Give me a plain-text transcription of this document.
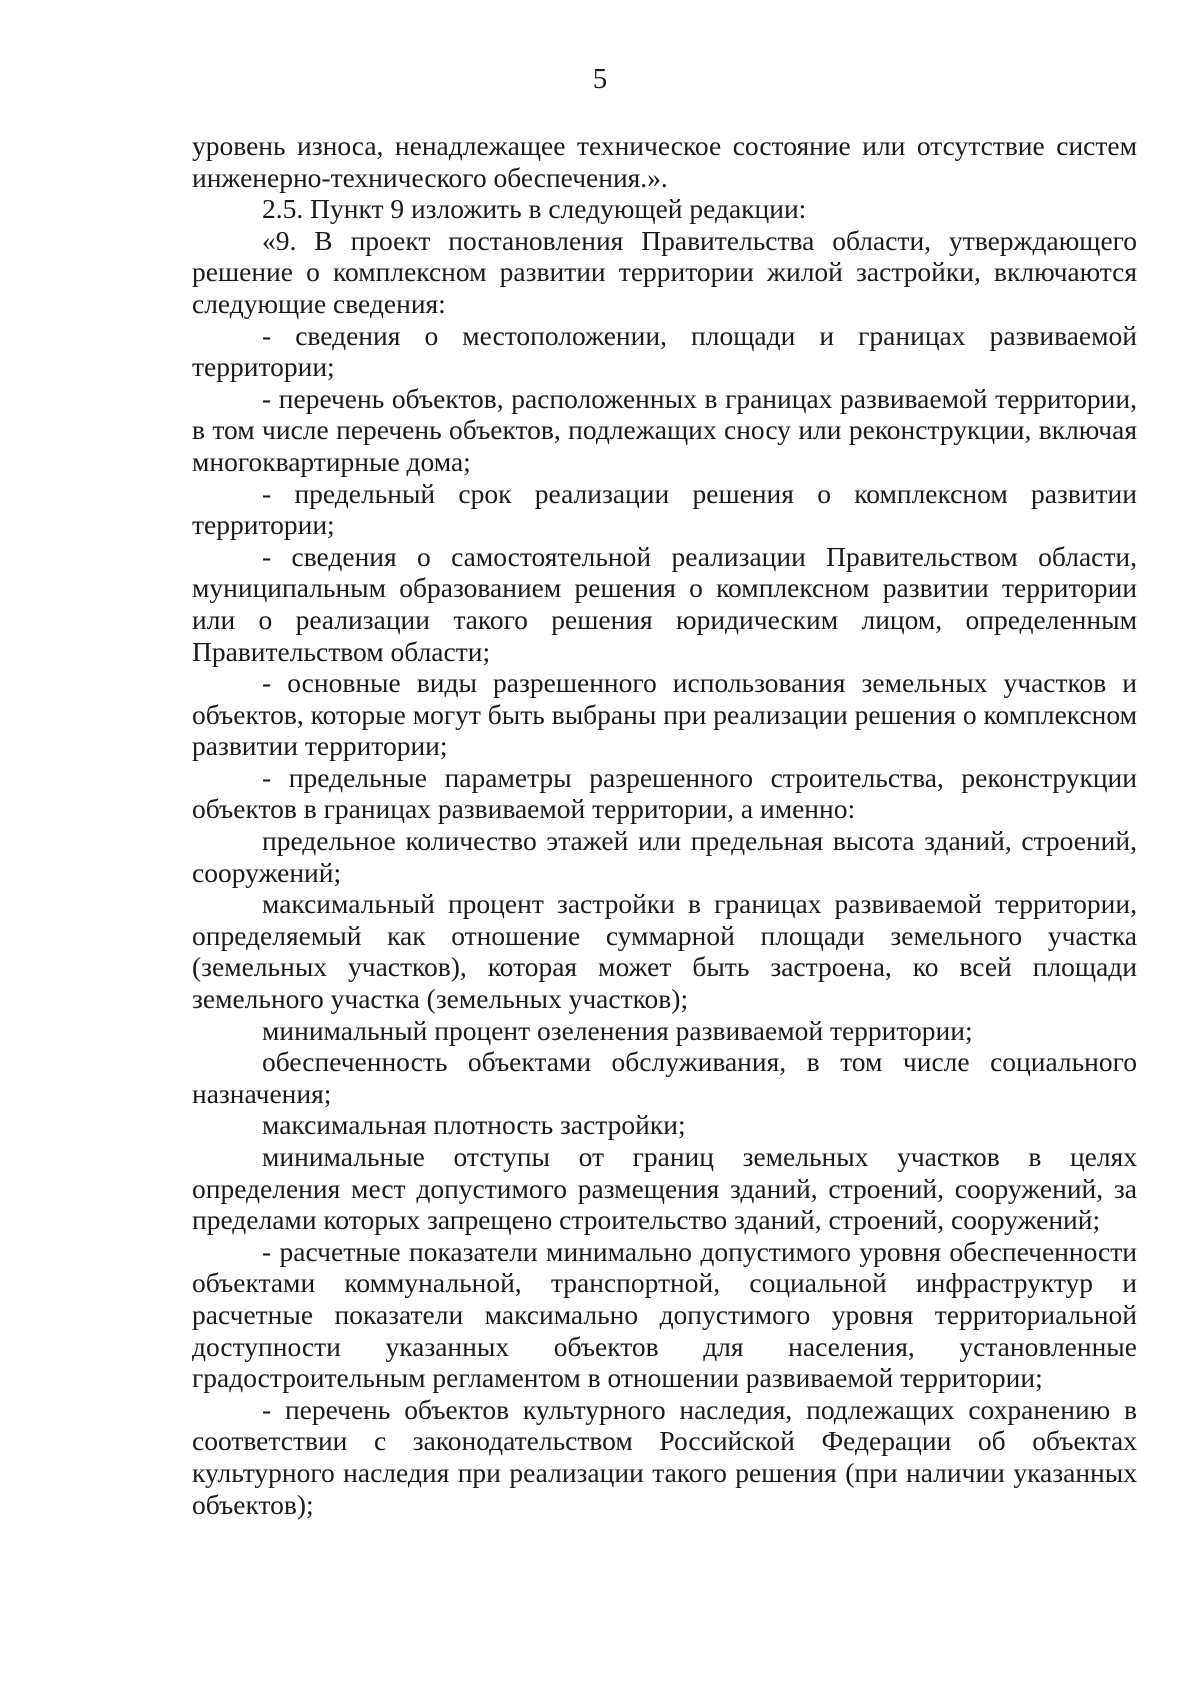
5

уровень износа, ненадлежащее техническое состояние или отсутствие систем инженерно-технического обеспечения.».

2.5. Пункт 9 изложить в следующей редакции:

«9. В проект постановления Правительства области, утверждающего решение о комплексном развитии территории жилой застройки, включаются следующие сведения:

- сведения о местоположении, площади и границах развиваемой территории;

- перечень объектов, расположенных в границах развиваемой территории, в том числе перечень объектов, подлежащих сносу или реконструкции, включая многоквартирные дома;

- предельный срок реализации решения о комплексном развитии территории;

- сведения о самостоятельной реализации Правительством области, муниципальным образованием решения о комплексном развитии территории или о реализации такого решения юридическим лицом, определенным Правительством области;

- основные виды разрешенного использования земельных участков и объектов, которые могут быть выбраны при реализации решения о комплексном развитии территории;

- предельные параметры разрешенного строительства, реконструкции объектов в границах развиваемой территории, а именно:

предельное количество этажей или предельная высота зданий, строений, сооружений;

максимальный процент застройки в границах развиваемой территории, определяемый как отношение суммарной площади земельного участка (земельных участков), которая может быть застроена, ко всей площади земельного участка (земельных участков);

минимальный процент озеленения развиваемой территории;

обеспеченность объектами обслуживания, в том числе социального назначения;

максимальная плотность застройки;

минимальные отступы от границ земельных участков в целях определения мест допустимого размещения зданий, строений, сооружений, за пределами которых запрещено строительство зданий, строений, сооружений;

- расчетные показатели минимально допустимого уровня обеспеченности объектами коммунальной, транспортной, социальной инфраструктур и расчетные показатели максимально допустимого уровня территориальной доступности указанных объектов для населения, установленные градостроительным регламентом в отношении развиваемой территории;

- перечень объектов культурного наследия, подлежащих сохранению в соответствии с законодательством Российской Федерации об объектах культурного наследия при реализации такого решения (при наличии указанных объектов);
